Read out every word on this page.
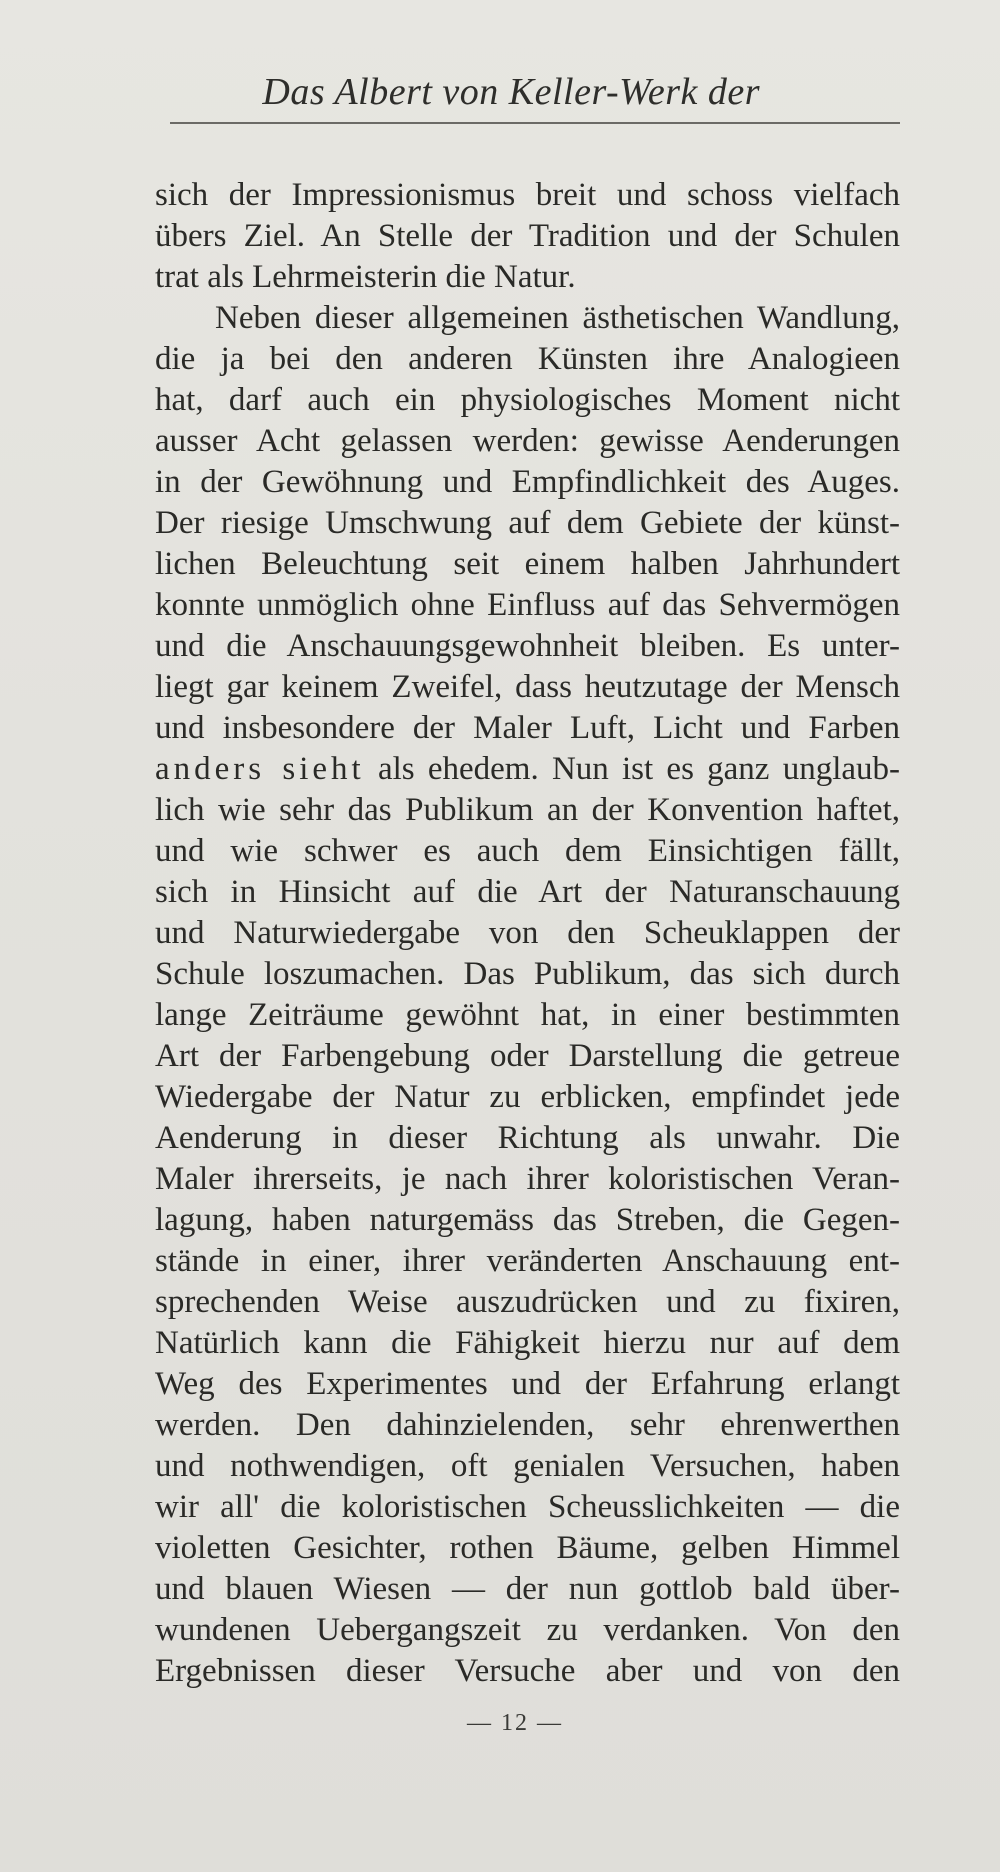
Das Albert von Keller-Werk der
sich der Impressionismus breit und schoss vielfach
übers Ziel. An Stelle der Tradition und der Schulen
trat als Lehrmeisterin die Natur.
Neben dieser allgemeinen ästhetischen Wandlung,
die ja bei den anderen Künsten ihre Analogieen
hat, darf auch ein physiologisches Moment nicht
ausser Acht gelassen werden: gewisse Aenderungen
in der Gewöhnung und Empfindlichkeit des Auges.
Der riesige Umschwung auf dem Gebiete der künst-
lichen Beleuchtung seit einem halben Jahrhundert
konnte unmöglich ohne Einfluss auf das Sehvermögen
und die Anschauungsgewohnheit bleiben. Es unter-
liegt gar keinem Zweifel, dass heutzutage der Mensch
und insbesondere der Maler Luft, Licht und Farben
anders sieht als ehedem. Nun ist es ganz unglaub-
lich wie sehr das Publikum an der Konvention haftet,
und wie schwer es auch dem Einsichtigen fällt,
sich in Hinsicht auf die Art der Naturanschauung
und Naturwiedergabe von den Scheuklappen der
Schule loszumachen. Das Publikum, das sich durch
lange Zeiträume gewöhnt hat, in einer bestimmten
Art der Farbengebung oder Darstellung die getreue
Wiedergabe der Natur zu erblicken, empfindet jede
Aenderung in dieser Richtung als unwahr. Die
Maler ihrerseits, je nach ihrer koloristischen Veran-
lagung, haben naturgemäss das Streben, die Gegen-
stände in einer, ihrer veränderten Anschauung ent-
sprechenden Weise auszudrücken und zu fixiren,
Natürlich kann die Fähigkeit hierzu nur auf dem
Weg des Experimentes und der Erfahrung erlangt
werden. Den dahinzielenden, sehr ehrenwerthen
und nothwendigen, oft genialen Versuchen, haben
wir all' die koloristischen Scheusslichkeiten — die
violetten Gesichter, rothen Bäume, gelben Himmel
und blauen Wiesen — der nun gottlob bald über-
wundenen Uebergangszeit zu verdanken. Von den
Ergebnissen dieser Versuche aber und von den
— 12 —
